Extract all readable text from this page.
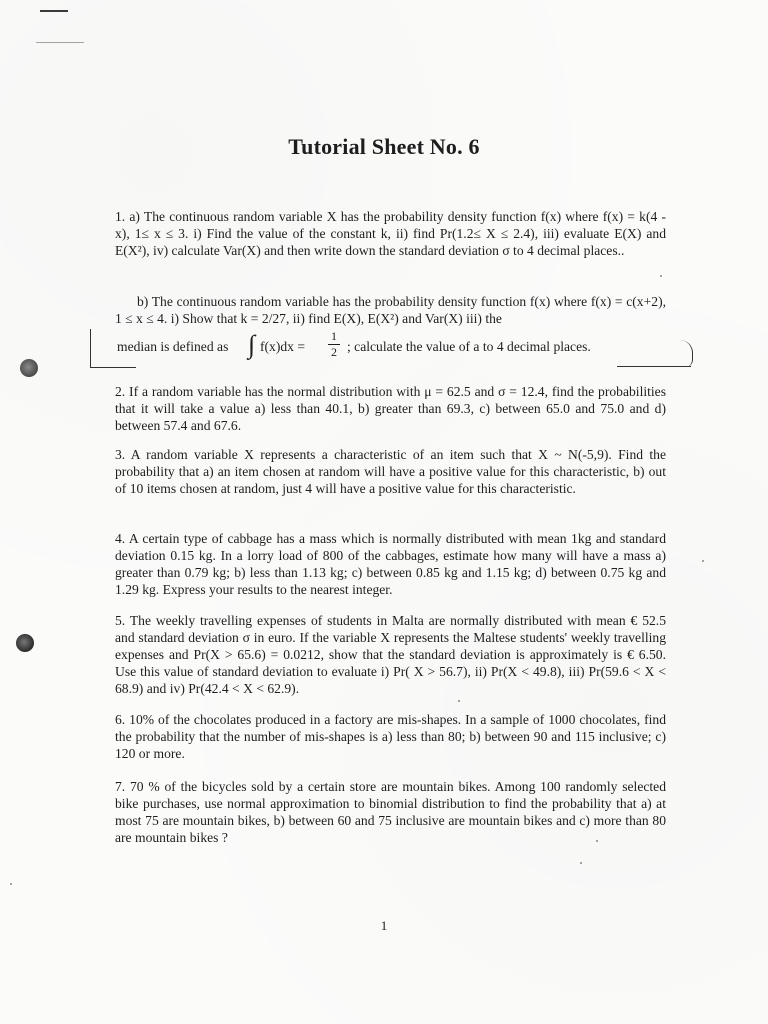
Tutorial Sheet No. 6

1. a) The continuous random variable X has the probability density function f(x) where f(x) = k(4 - x), 1≤ x ≤ 3. i) Find the value of the constant k, ii) find Pr(1.2≤ X ≤ 2.4), iii) evaluate E(X) and E(X²), iv) calculate Var(X) and then write down the standard deviation σ to 4 decimal places..

b) The continuous random variable has the probability density function f(x) where f(x) = c(x+2), 1 ≤ x ≤ 4. i) Show that k = 2/27, ii) find E(X), E(X²) and Var(X) iii) the

median is defined as ∫ f(x)dx =
1
2 ; calculate the value of a to 4 decimal places.

2. If a random variable has the normal distribution with μ = 62.5 and σ = 12.4, find the probabilities that it will take a value a) less than 40.1, b) greater than 69.3, c) between 65.0 and 75.0 and d) between 57.4 and 67.6.

3. A random variable X represents a characteristic of an item such that X ~ N(-5,9). Find the probability that a) an item chosen at random will have a positive value for this characteristic, b) out of 10 items chosen at random, just 4 will have a positive value for this characteristic.

4. A certain type of cabbage has a mass which is normally distributed with mean 1kg and standard deviation 0.15 kg. In a lorry load of 800 of the cabbages, estimate how many will have a mass a) greater than 0.79 kg; b) less than 1.13 kg; c) between 0.85 kg and 1.15 kg; d) between 0.75 kg and 1.29 kg. Express your results to the nearest integer.

5. The weekly travelling expenses of students in Malta are normally distributed with mean € 52.5 and standard deviation σ in euro. If the variable X represents the Maltese students' weekly travelling expenses and Pr(X > 65.6) = 0.0212, show that the standard deviation is approximately is € 6.50. Use this value of standard deviation to evaluate i) Pr( X > 56.7), ii) Pr(X < 49.8), iii) Pr(59.6 < X < 68.9) and iv) Pr(42.4 < X < 62.9).

6. 10% of the chocolates produced in a factory are mis-shapes. In a sample of 1000 chocolates, find the probability that the number of mis-shapes is a) less than 80; b) between 90 and 115 inclusive; c) 120 or more.

7. 70 % of the bicycles sold by a certain store are mountain bikes. Among 100 randomly selected bike purchases, use normal approximation to binomial distribution to find the probability that a) at most 75 are mountain bikes, b) between 60 and 75 inclusive are mountain bikes and c) more than 80 are mountain bikes ?

1
